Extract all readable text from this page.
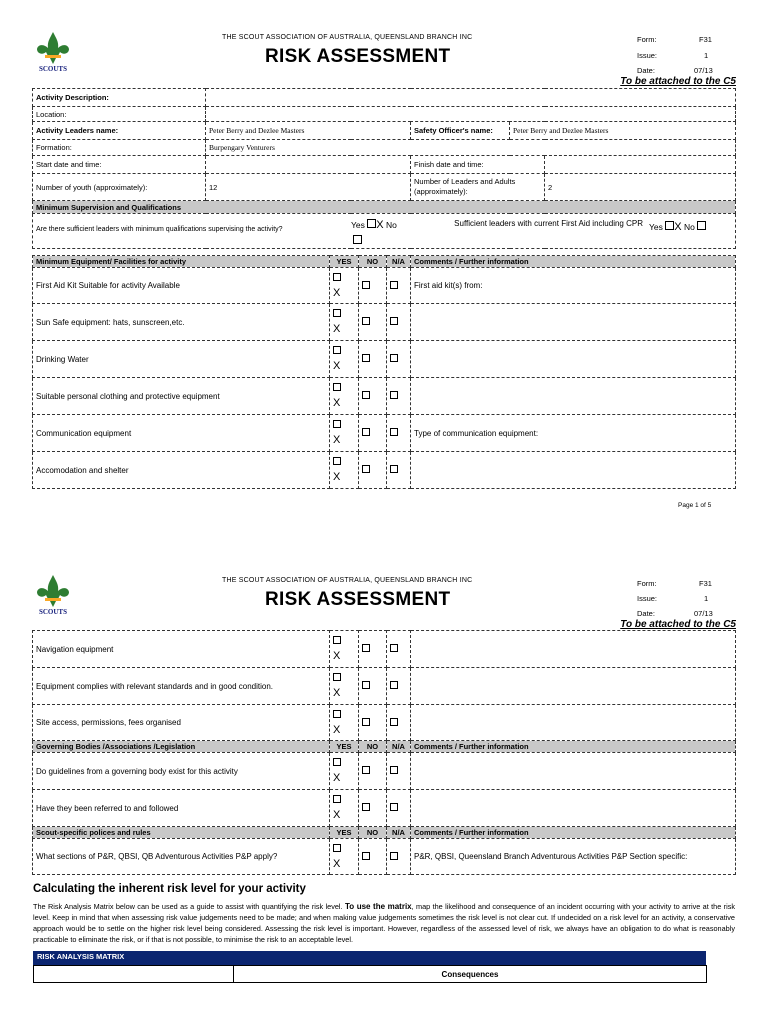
SCOUTS
THE SCOUT ASSOCIATION OF AUSTRALIA, QUEENSLAND BRANCH INC
RISK ASSESSMENT
Form:	F31
Issue:	1
Date:	07/13
To be attached to the C5
Activity Description:				
Location:				
Activity Leaders name:	Peter Berry and Dezlee Masters	Safety Officer's name:	Peter Berry and Dezlee Masters	
Formation:	Burpengary Venturers			
Start date and time:		Finish date and time:		
Number of youth (approximately):	12	Number of Leaders and Adults (approximately):		2
Minimum Supervision and Qualifications				

Are there sufficient leaders with minimum qualifications supervising the activity? Yes X No Sufficient leaders with current First Aid including CPR Yes X No				
Minimum Equipment/ Facilities for activity	YES	NO	N/A	Comments / Further information
First Aid Kit Suitable for activity Available	X			First aid kit(s) from:
Sun Safe equipment: hats, sunscreen,etc.	X			

Drinking Water	X			

Suitable personal clothing and protective equipment	X			

Communication equipment	X			Type of communication equipment:
Accomodation and shelter	X			

Page 1 of 5
SCOUTS
THE SCOUT ASSOCIATION OF AUSTRALIA, QUEENSLAND BRANCH INC
RISK ASSESSMENT
Form:	F31
Issue:	1
Date:	07/13
To be attached to the C5
Navigation equipment	X			

Equipment complies with relevant standards and in good condition.	X			

Site access, permissions, fees organised	X			

Governing Bodies /Associations /Legislation	YES	NO	N/A	Comments / Further information
Do guidelines from a governing body exist for this activity	X			

Have they been referred to and followed	X			

Scout-specific polices and rules	YES	NO	N/A	Comments / Further information
What sections of P&R, QBSI, QB Adventurous Activities P&P apply?	X			P&R, QBSI, Queensland Branch Adventurous Activities P&P Section specific:
Calculating the inherent risk level for your activity
The Risk Analysis Matrix below can be used as a guide to assist with quantifying the risk level. To use the matrix, map the likelihood and consequence of an incident occurring with your activity to arrive at the risk level. Keep in mind that when assessing risk value judgements need to be made; and when making value judgements sometimes the risk level is not clear cut. If undecided on a risk level for an activity, a conservative approach would be to settle on the higher risk level being considered. Assessing the risk level is important. However, regardless of the assessed level of risk, we always have an obligation to do what is reasonably practicable to eliminate the risk, or if that is not possible, to minimise the risk to an acceptable level.
RISK ANALYSIS MATRIX
	Consequences
